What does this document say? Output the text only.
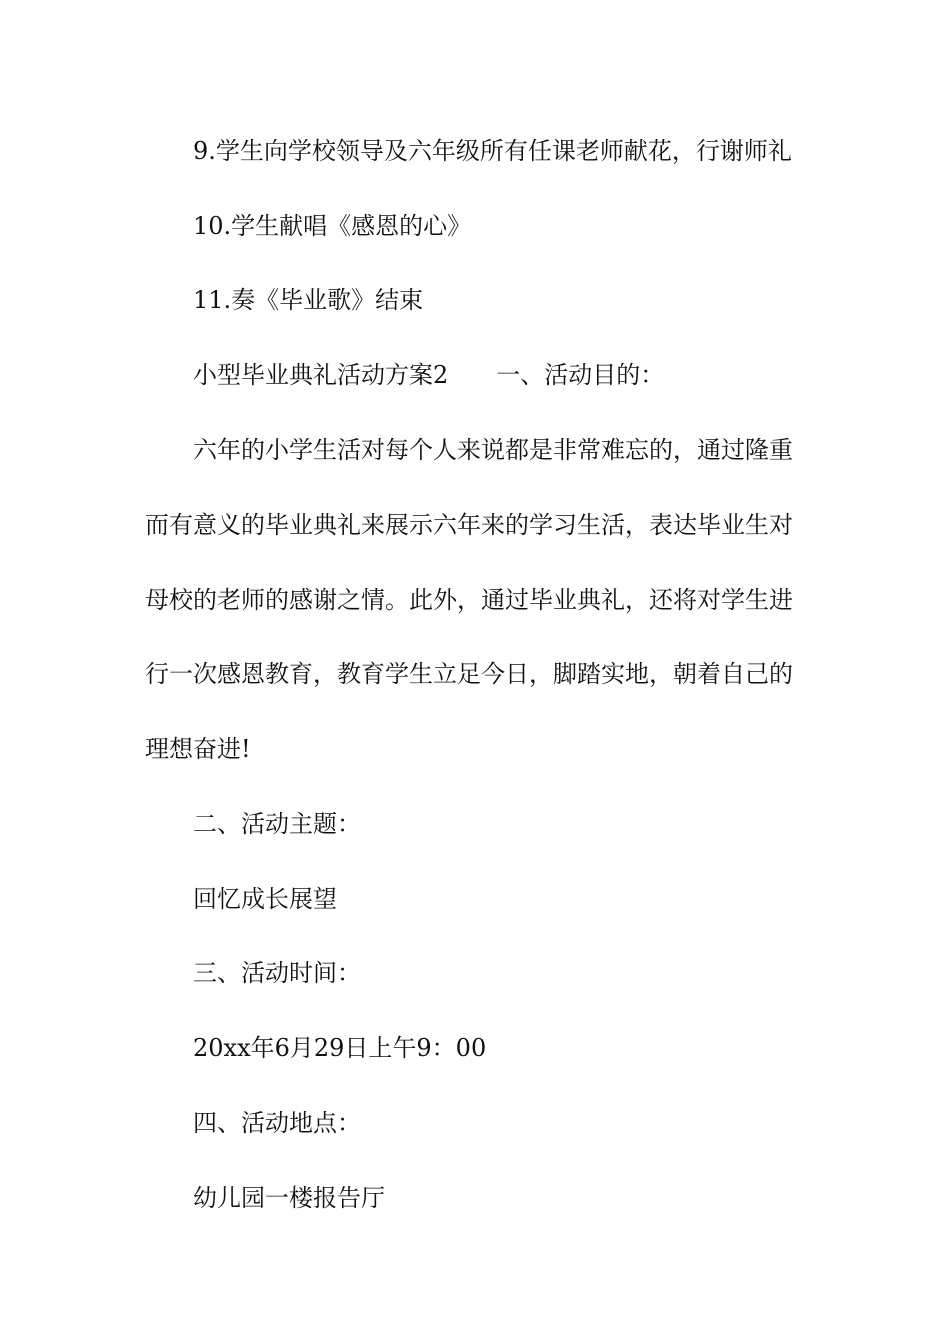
9.学生向学校领导及六年级所有任课老师献花，行谢师礼
10.学生献唱《感恩的心》
11.奏《毕业歌》结束
小型毕业典礼活动方案2　　一、活动目的：
六年的小学生活对每个人来说都是非常难忘的，通过隆重
而有意义的毕业典礼来展示六年来的学习生活，表达毕业生对
母校的老师的感谢之情。此外，通过毕业典礼，还将对学生进
行一次感恩教育，教育学生立足今日，脚踏实地，朝着自己的
理想奋进!
二、活动主题：
回忆成长展望
三、活动时间：
20xx年6月29日上午9：00
四、活动地点：
幼儿园一楼报告厅
